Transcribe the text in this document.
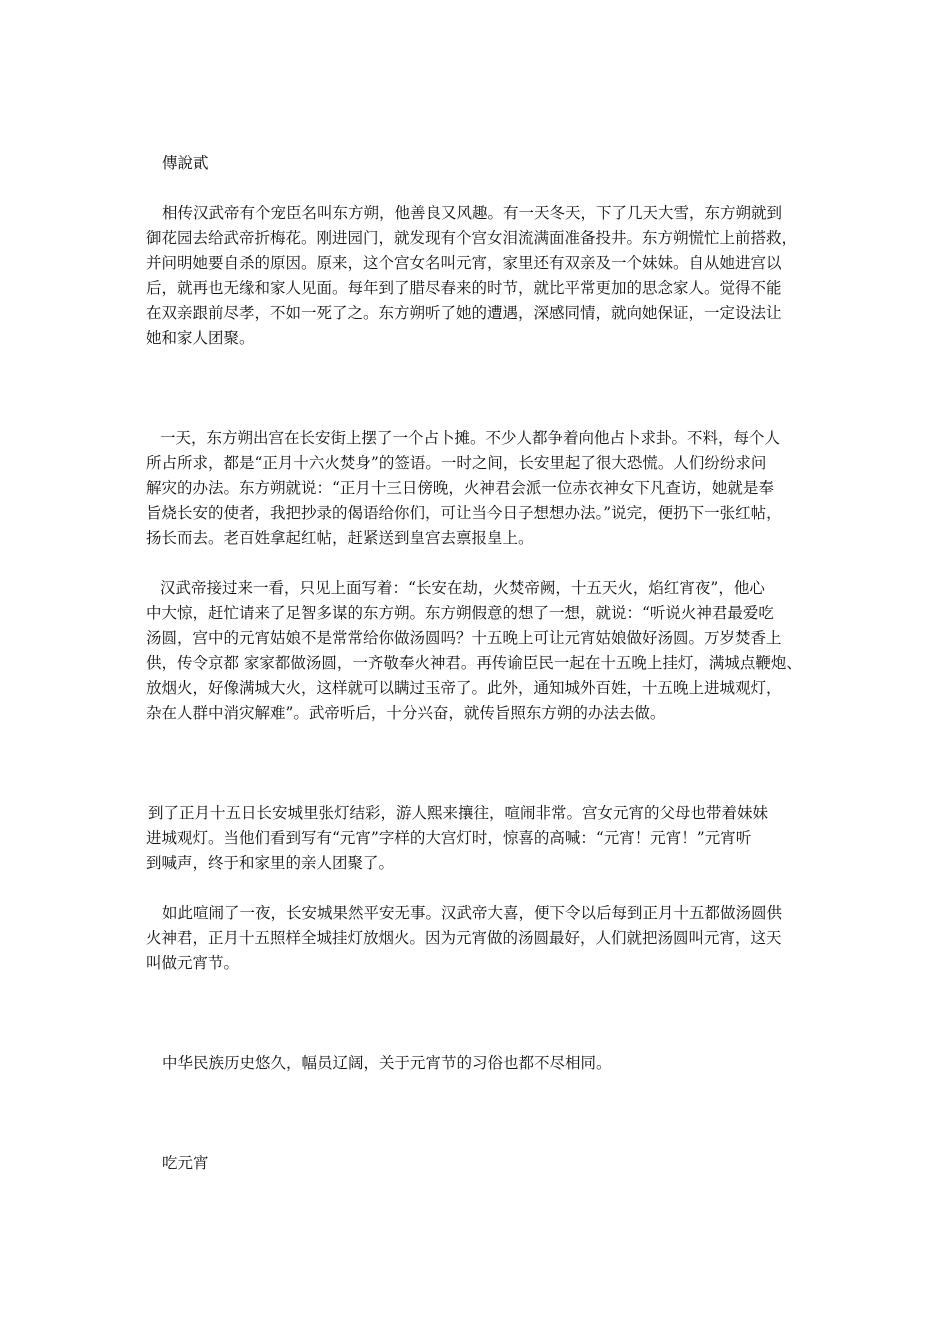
傳說貳

相传汉武帝有个宠臣名叫东方朔，他善良又风趣。有一天冬天，下了几天大雪，东方朔就到

御花园去给武帝折梅花。刚进园门，就发现有个宫女泪流满面准备投井。东方朔慌忙上前搭救，

并问明她要自杀的原因。原来，这个宫女名叫元宵，家里还有双亲及一个妹妹。自从她进宫以

后，就再也无缘和家人见面。每年到了腊尽春来的时节，就比平常更加的思念家人。觉得不能

在双亲跟前尽孝，不如一死了之。东方朔听了她的遭遇，深感同情，就向她保证，一定设法让

她和家人团聚。

一天，东方朔出宫在长安街上摆了一个占卜摊。不少人都争着向他占卜求卦。不料，每个人

所占所求，都是“正月十六火焚身”的签语。一时之间，长安里起了很大恐慌。人们纷纷求问

解灾的办法。东方朔就说：“正月十三日傍晚，火神君会派一位赤衣神女下凡查访，她就是奉

旨烧长安的使者，我把抄录的偈语给你们，可让当今日子想想办法。”说完，便扔下一张红帖，

扬长而去。老百姓拿起红帖，赶紧送到皇宫去禀报皇上。

汉武帝接过来一看，只见上面写着：“长安在劫，火焚帝阙，十五天火，焰红宵夜”，他心

中大惊，赶忙请来了足智多谋的东方朔。东方朔假意的想了一想，就说：“听说火神君最爱吃

汤圆，宫中的元宵姑娘不是常常给你做汤圆吗？十五晚上可让元宵姑娘做好汤圆。万岁焚香上

供，传令京都 家家都做汤圆，一齐敬奉火神君。再传谕臣民一起在十五晚上挂灯，满城点鞭炮、

放烟火，好像满城大火，这样就可以瞒过玉帝了。此外，通知城外百姓，十五晚上进城观灯，

杂在人群中消灾解难”。武帝听后，十分兴奋，就传旨照东方朔的办法去做。

到了正月十五日长安城里张灯结彩，游人熙来攘往，喧闹非常。宫女元宵的父母也带着妹妹

进城观灯。当他们看到写有“元宵”字样的大宫灯时，惊喜的高喊：“元宵！元宵！”元宵听

到喊声，终于和家里的亲人团聚了。

如此喧闹了一夜，长安城果然平安无事。汉武帝大喜，便下令以后每到正月十五都做汤圆供

火神君，正月十五照样全城挂灯放烟火。因为元宵做的汤圆最好，人们就把汤圆叫元宵，这天

叫做元宵节。

中华民族历史悠久，幅员辽阔，关于元宵节的习俗也都不尽相同。

吃元宵
